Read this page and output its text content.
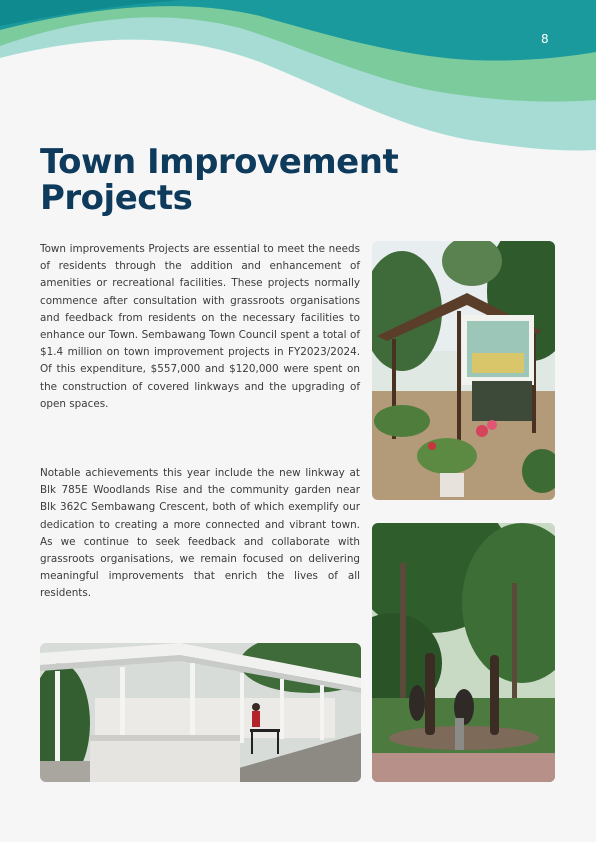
8
Town Improvement
Projects

Town improvements Projects are essential to meet the needs of residents through the addition and enhancement of amenities or recreational facilities. These projects normally commence after consultation with grassroots organisations and feedback from residents on the necessary facilities to enhance our Town. Sembawang Town Council spent a total of $1.4 million on town improvement projects in FY2023/2024. Of this expenditure, $557,000 and $120,000 were spent on the construction of covered linkways and the upgrading of open spaces.

Notable achievements this year include the new linkway at Blk 785E Woodlands Rise and the community garden near Blk 362C Sembawang Crescent, both of which exemplify our dedication to creating a more connected and vibrant town. As we continue to seek feedback and collaborate with grassroots organisations, we remain focused on delivering meaningful improvements that enrich the lives of all residents.
